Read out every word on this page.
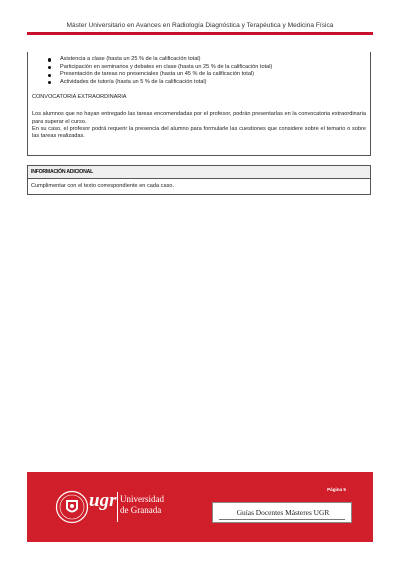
Máster Universitario en Avances en Radiología Diagnóstica y Terapéutica y Medicina Física
Asistencia a clase (hasta un 25 % de la calificación total)
Participación en seminarios y debates en clase (hasta un 25 % de la calificación total)
Presentación de tareas no presenciales (hasta un 45 % de la calificación total)
Actividades de tutoría (hasta un 5 % de la calificación total)
CONVOCATORIA EXTRAORDINARIA
Los alumnos que no hayan entregado las tareas encomendadas por el profesor, podrán presentarlas en la convocatoria extraordinaria para superar el curso.
En su caso, el profesor podrá requerir la presencia del alumno para formularle las cuestiones que considere sobre el temario o sobre las tareas realizadas.
INFORMACIÓN ADICIONAL
Cumplimentar con el texto correspondiente en cada caso.
ugr Universidad
de Granada
Página 5
Guías Docentes Másteres UGR
